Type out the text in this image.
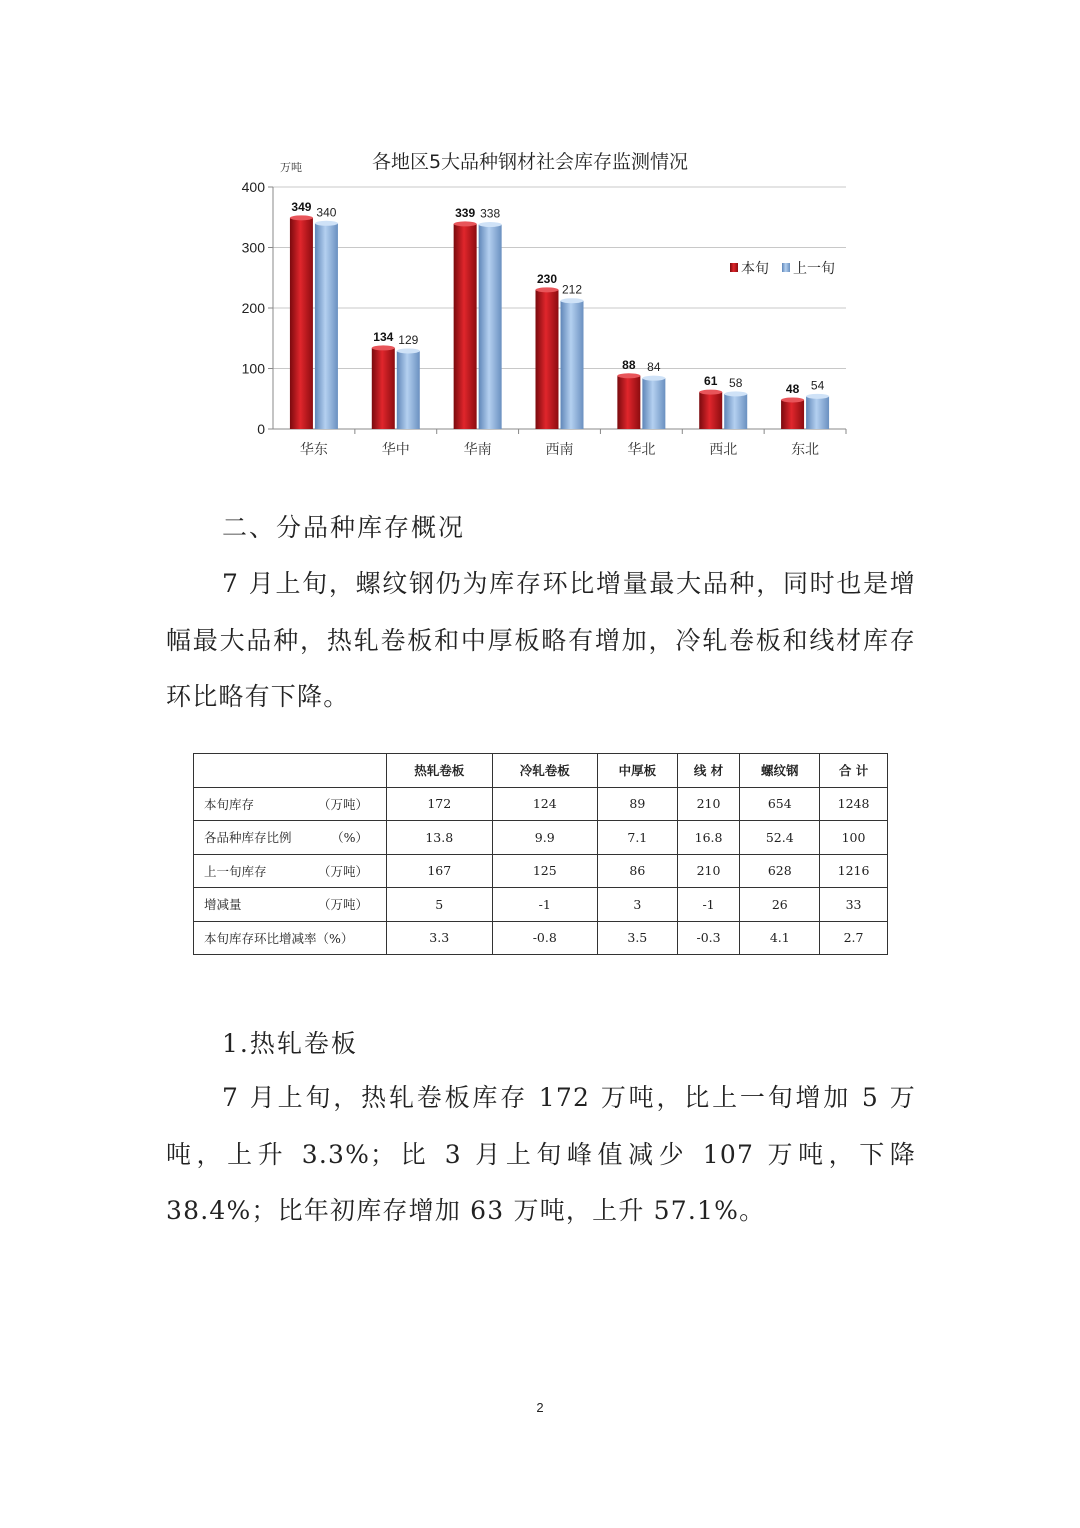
各地区5大品种钢材社会库存监测情况
万吨
0
100
200
300
400
华东
349 340
华中
134 129
华南
339 338
西南
230
212
华北
88 84
西北
61 58
东北
48 54
本旬 上一旬
二、分品种库存概况
7 月上旬，螺纹钢仍为库存环比增量最大品种，同时也是增幅最大品种，热轧卷板和中厚板略有增加，冷轧卷板和线材库存环比略有下降。
	热轧卷板	冷轧卷板	中厚板	线 材	螺纹钢	合 计
本旬库存 （万吨）	172	124	89	210	654	1248
各品种库存比例 （%）	13.8	9.9	7.1	16.8	52.4	100
上一旬库存 （万吨）	167	125	86	210	628	1216
增减量 （万吨）	5	-1	3	-1	26	33
本旬库存环比增减率（%）	3.3	-0.8	3.5	-0.3	4.1	2.7
1.热轧卷板
7 月上旬，热轧卷板库存 172 万吨，比上一旬增加 5 万吨，上升 3.3%；比 3 月上旬峰值减少 107 万吨，下降 38.4%；比年初库存增加 63 万吨，上升 57.1%。
2
